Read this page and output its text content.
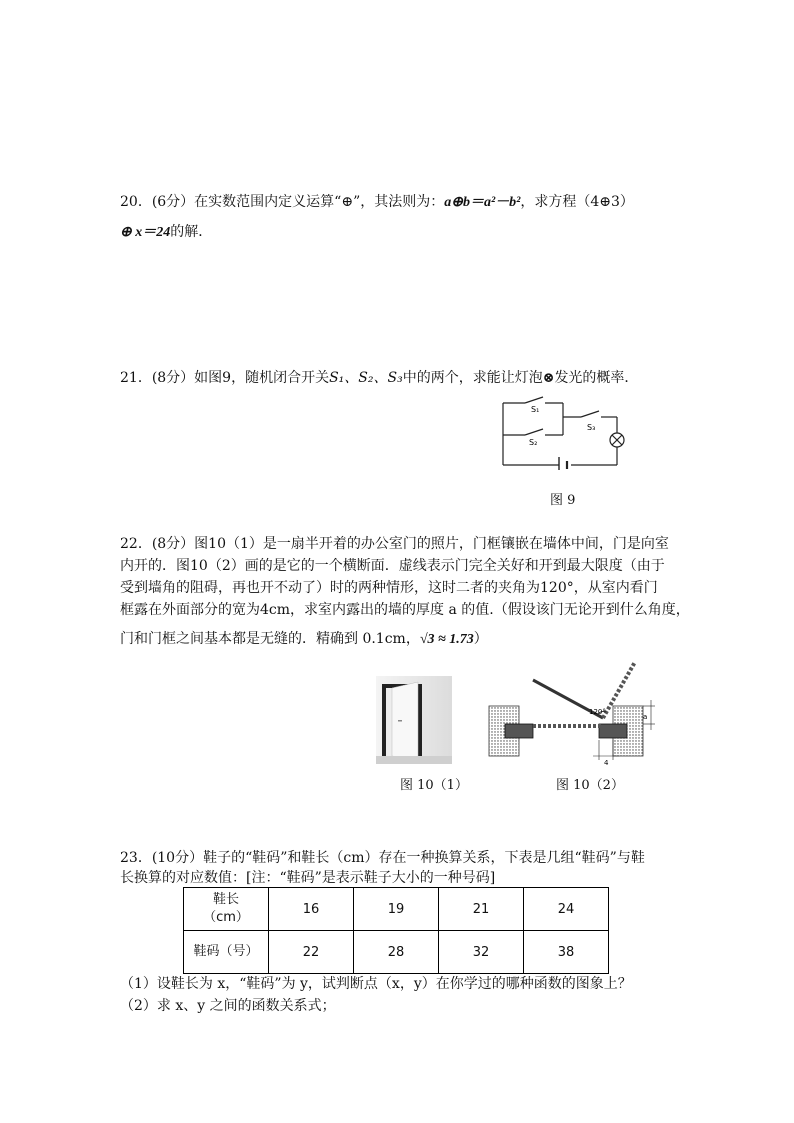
20．(6分）在实数范围内定义运算“⊕”，其法则为：a⊕b＝a²－b²，求方程（4⊕3）
⊕ x＝24的解．
21．(8分）如图9，随机闭合开关S₁、S₂、S₃中的两个，求能让灯泡⊗发光的概率．
S₁
S₂
S₃
图 9
22．(8分）图10（1）是一扇半开着的办公室门的照片，门框镶嵌在墙体中间，门是向室
内开的．图10（2）画的是它的一个横断面．虚线表示门完全关好和开到最大限度（由于
受到墙角的阻碍，再也开不动了）时的两种情形，这时二者的夹角为120°，从室内看门
框露在外面部分的宽为4cm，求室内露出的墙的厚度 a 的值.（假设该门无论开到什么角度，
门和门框之间基本都是无缝的．精确到 0.1cm，√3 ≈ 1.73）
图 10（1）
120°
a
4
图 10（2）
23．(10分）鞋子的“鞋码”和鞋长（cm）存在一种换算关系，下表是几组“鞋码”与鞋
长换算的对应数值：[注：“鞋码”是表示鞋子大小的一种号码]
鞋长
（cm）	16	19	21	24
鞋码（号）	22	28	32	38
（1）设鞋长为 x，“鞋码”为 y，试判断点（x，y）在你学过的哪种函数的图象上？
（2）求 x、y 之间的函数关系式；
